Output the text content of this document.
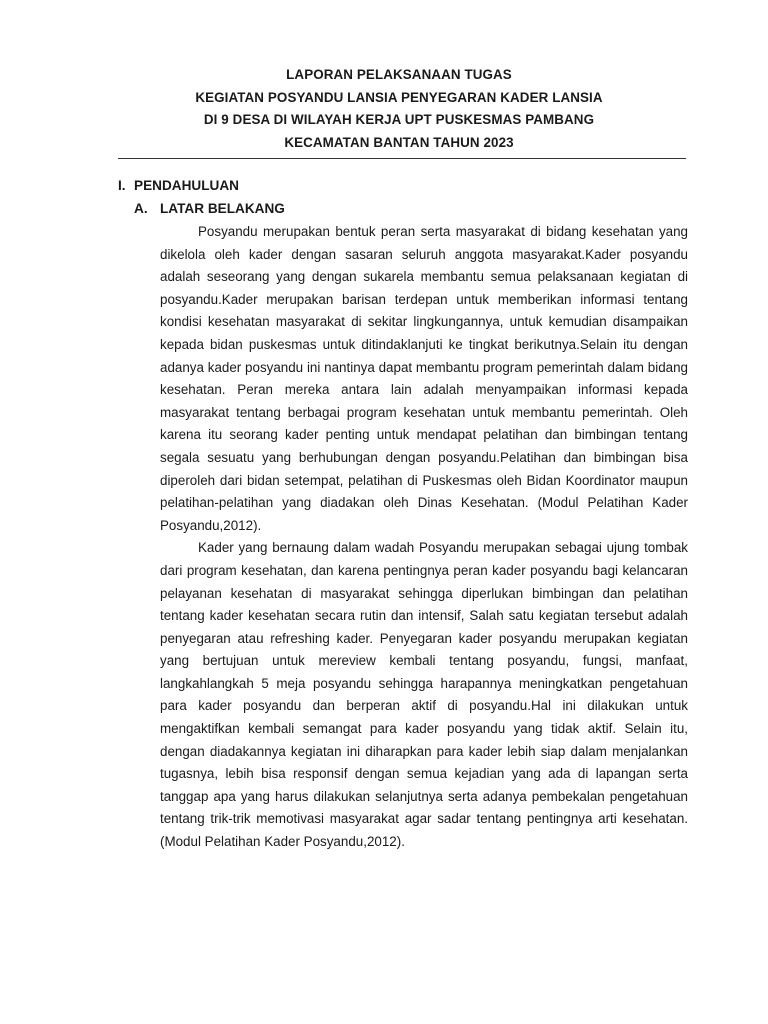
LAPORAN PELAKSANAAN TUGAS
KEGIATAN POSYANDU LANSIA PENYEGARAN KADER LANSIA
DI 9 DESA DI WILAYAH KERJA UPT PUSKESMAS PAMBANG
KECAMATAN BANTAN TAHUN 2023
I. PENDAHULUAN
A. LATAR BELAKANG

Posyandu merupakan bentuk peran serta masyarakat di bidang kesehatan yang dikelola oleh kader dengan sasaran seluruh anggota masyarakat.Kader posyandu adalah seseorang yang dengan sukarela membantu semua pelaksanaan kegiatan di posyandu.Kader merupakan barisan terdepan untuk memberikan informasi tentang kondisi kesehatan masyarakat di sekitar lingkungannya, untuk kemudian disampaikan kepada bidan puskesmas untuk ditindaklanjuti ke tingkat berikutnya.Selain itu dengan adanya kader posyandu ini nantinya dapat membantu program pemerintah dalam bidang kesehatan. Peran mereka antara lain adalah menyampaikan informasi kepada masyarakat tentang berbagai program kesehatan untuk membantu pemerintah. Oleh karena itu seorang kader penting untuk mendapat pelatihan dan bimbingan tentang segala sesuatu yang berhubungan dengan posyandu.Pelatihan dan bimbingan bisa diperoleh dari bidan setempat, pelatihan di Puskesmas oleh Bidan Koordinator maupun pelatihan-pelatihan yang diadakan oleh Dinas Kesehatan. (Modul Pelatihan Kader Posyandu,2012).

Kader yang bernaung dalam wadah Posyandu merupakan sebagai ujung tombak dari program kesehatan, dan karena pentingnya peran kader posyandu bagi kelancaran pelayanan kesehatan di masyarakat sehingga diperlukan bimbingan dan pelatihan tentang kader kesehatan secara rutin dan intensif, Salah satu kegiatan tersebut adalah penyegaran atau refreshing kader. Penyegaran kader posyandu merupakan kegiatan yang bertujuan untuk mereview kembali tentang posyandu, fungsi, manfaat, langkahlangkah 5 meja posyandu sehingga harapannya meningkatkan pengetahuan para kader posyandu dan berperan aktif di posyandu.Hal ini dilakukan untuk mengaktifkan kembali semangat para kader posyandu yang tidak aktif. Selain itu, dengan diadakannya kegiatan ini diharapkan para kader lebih siap dalam menjalankan tugasnya, lebih bisa responsif dengan semua kejadian yang ada di lapangan serta tanggap apa yang harus dilakukan selanjutnya serta adanya pembekalan pengetahuan tentang trik-trik memotivasi masyarakat agar sadar tentang pentingnya arti kesehatan. (Modul Pelatihan Kader Posyandu,2012).
